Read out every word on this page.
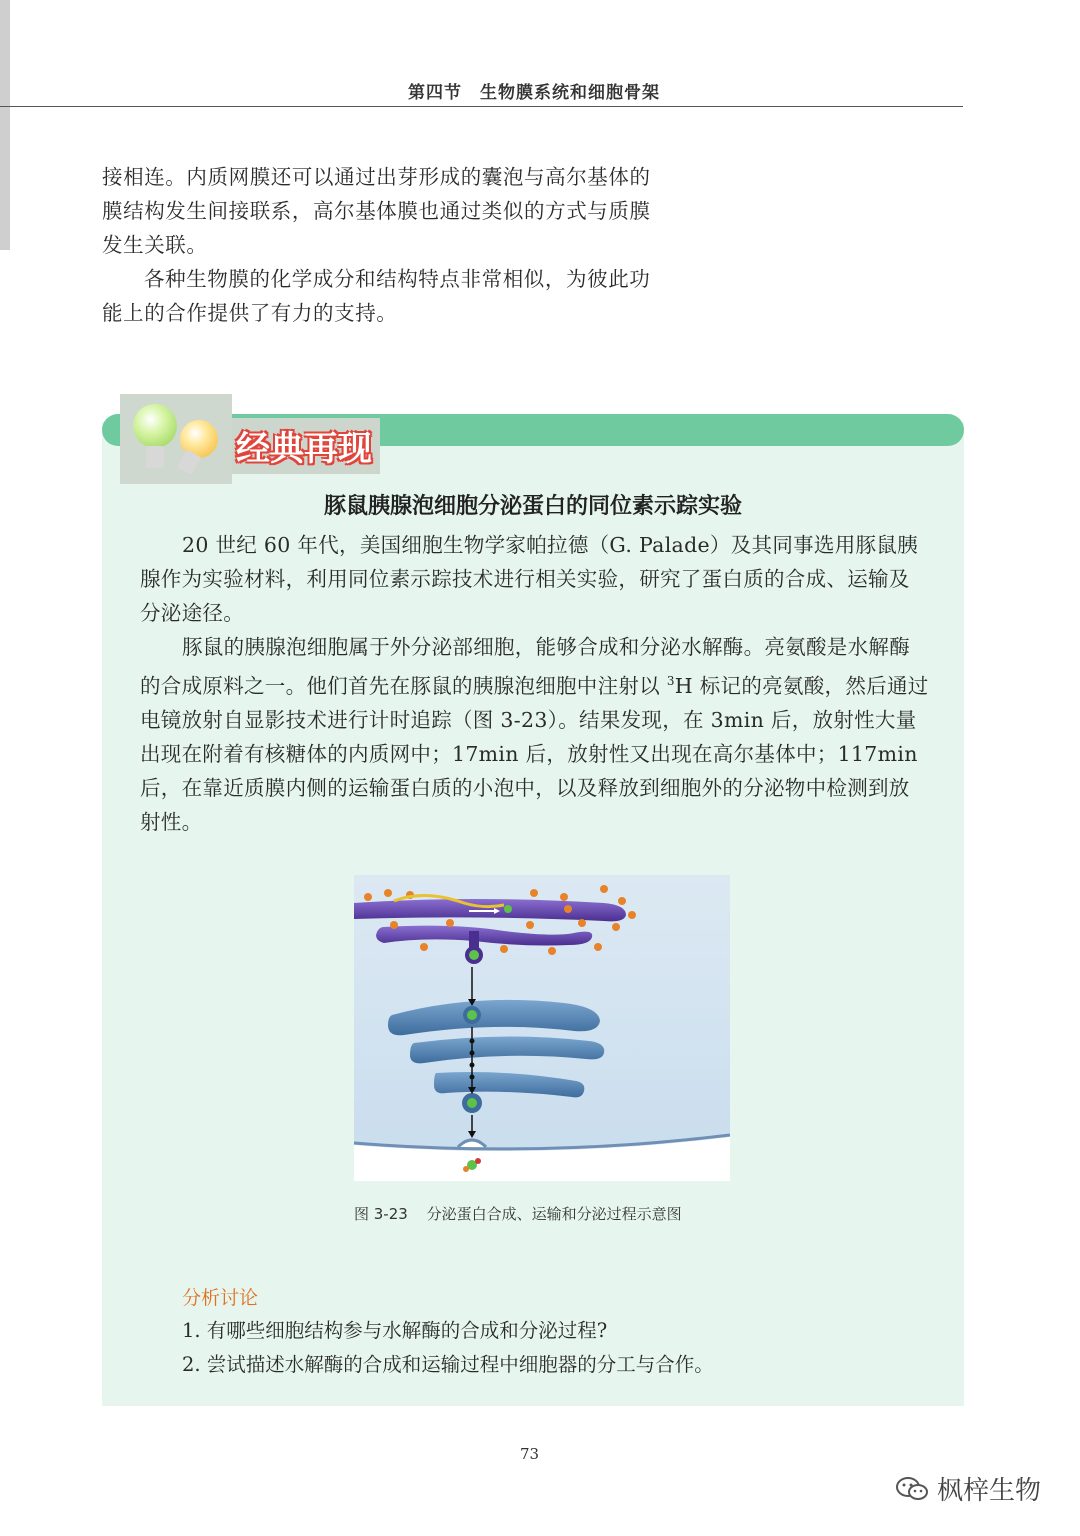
第四节　生物膜系统和细胞骨架

接相连。内质网膜还可以通过出芽形成的囊泡与高尔基体的膜结构发生间接联系，高尔基体膜也通过类似的方式与质膜发生关联。

各种生物膜的化学成分和结构特点非常相似，为彼此功能上的合作提供了有力的支持。

经典再现
豚鼠胰腺泡细胞分泌蛋白的同位素示踪实验

20 世纪 60 年代，美国细胞生物学家帕拉德（G. Palade）及其同事选用豚鼠胰腺作为实验材料，利用同位素示踪技术进行相关实验，研究了蛋白质的合成、运输及分泌途径。

豚鼠的胰腺泡细胞属于外分泌部细胞，能够合成和分泌水解酶。亮氨酸是水解酶的合成原料之一。他们首先在豚鼠的胰腺泡细胞中注射以 $^3$H 标记的亮氨酸，然后通过电镜放射自显影技术进行计时追踪（图 3-23）。结果发现，在 3min 后，放射性大量出现在附着有核糖体的内质网中；17min 后，放射性又出现在高尔基体中；117min 后，在靠近质膜内侧的运输蛋白质的小泡中，以及释放到细胞外的分泌物中检测到放射性。

图 3-23 分泌蛋白合成、运输和分泌过程示意图
分析讨论
1. 有哪些细胞结构参与水解酶的合成和分泌过程?
2. 尝试描述水解酶的合成和运输过程中细胞器的分工与合作。
73
枫梓生物
